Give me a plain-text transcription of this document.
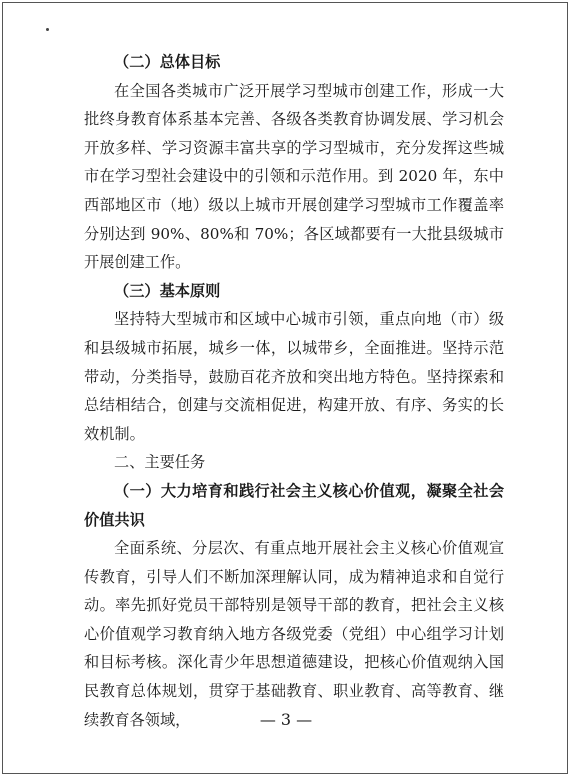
（二）总体目标

在全国各类城市广泛开展学习型城市创建工作，形成一大批终身教育体系基本完善、各级各类教育协调发展、学习机会开放多样、学习资源丰富共享的学习型城市，充分发挥这些城市在学习型社会建设中的引领和示范作用。到 2020 年，东中西部地区市（地）级以上城市开展创建学习型城市工作覆盖率分别达到 90%、80%和 70%；各区域都要有一大批县级城市开展创建工作。

（三）基本原则

坚持特大型城市和区域中心城市引领，重点向地（市）级和县级城市拓展，城乡一体，以城带乡，全面推进。坚持示范带动，分类指导，鼓励百花齐放和突出地方特色。坚持探索和总结相结合，创建与交流相促进，构建开放、有序、务实的长效机制。

二、主要任务

（一）大力培育和践行社会主义核心价值观，凝聚全社会价值共识

全面系统、分层次、有重点地开展社会主义核心价值观宣传教育，引导人们不断加深理解认同，成为精神追求和自觉行动。率先抓好党员干部特别是领导干部的教育，把社会主义核心价值观学习教育纳入地方各级党委（党组）中心组学习计划和目标考核。深化青少年思想道德建设，把核心价值观纳入国民教育总体规划，贯穿于基础教育、职业教育、高等教育、继续教育各领域，	— 3 —
